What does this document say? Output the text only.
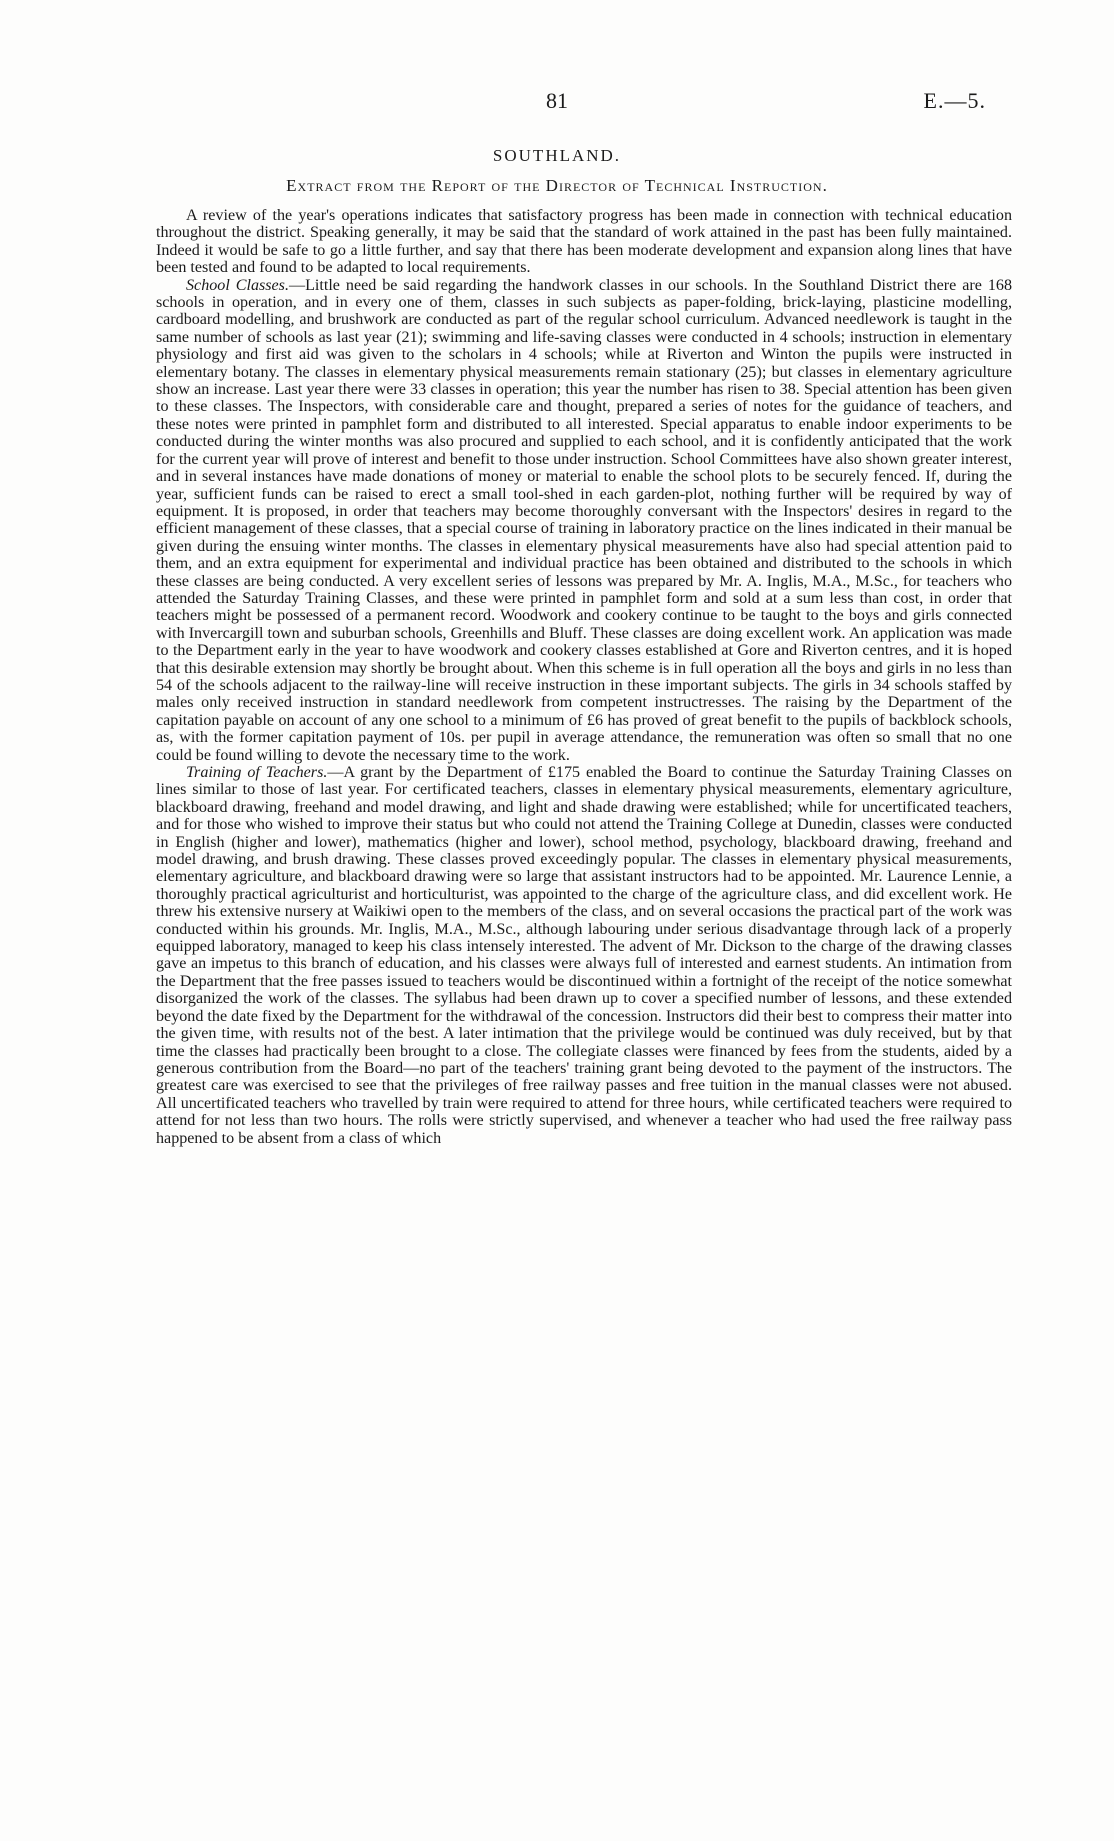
81	E.—5.
SOUTHLAND.
Extract from the Report of the Director of Technical Instruction.

A review of the year's operations indicates that satisfactory progress has been made in connection with technical education throughout the district. Speaking generally, it may be said that the standard of work attained in the past has been fully maintained. Indeed it would be safe to go a little further, and say that there has been moderate development and expansion along lines that have been tested and found to be adapted to local requirements.

School Classes.—Little need be said regarding the handwork classes in our schools. In the Southland District there are 168 schools in operation, and in every one of them, classes in such subjects as paper-folding, brick-laying, plasticine modelling, cardboard modelling, and brushwork are conducted as part of the regular school curriculum. Advanced needlework is taught in the same number of schools as last year (21); swimming and life-saving classes were conducted in 4 schools; instruction in elementary physiology and first aid was given to the scholars in 4 schools; while at Riverton and Winton the pupils were instructed in elementary botany. The classes in elementary physical measurements remain stationary (25); but classes in elementary agriculture show an increase. Last year there were 33 classes in operation; this year the number has risen to 38. Special attention has been given to these classes. The Inspectors, with considerable care and thought, prepared a series of notes for the guidance of teachers, and these notes were printed in pamphlet form and distributed to all interested. Special apparatus to enable indoor experiments to be conducted during the winter months was also procured and supplied to each school, and it is confidently anticipated that the work for the current year will prove of interest and benefit to those under instruction. School Committees have also shown greater interest, and in several instances have made donations of money or material to enable the school plots to be securely fenced. If, during the year, sufficient funds can be raised to erect a small tool-shed in each garden-plot, nothing further will be required by way of equipment. It is proposed, in order that teachers may become thoroughly conversant with the Inspectors' desires in regard to the efficient management of these classes, that a special course of training in laboratory practice on the lines indicated in their manual be given during the ensuing winter months. The classes in elementary physical measurements have also had special attention paid to them, and an extra equipment for experimental and individual practice has been obtained and distributed to the schools in which these classes are being conducted. A very excellent series of lessons was prepared by Mr. A. Inglis, M.A., M.Sc., for teachers who attended the Saturday Training Classes, and these were printed in pamphlet form and sold at a sum less than cost, in order that teachers might be possessed of a permanent record. Woodwork and cookery continue to be taught to the boys and girls connected with Invercargill town and suburban schools, Greenhills and Bluff. These classes are doing excellent work. An application was made to the Department early in the year to have woodwork and cookery classes established at Gore and Riverton centres, and it is hoped that this desirable extension may shortly be brought about. When this scheme is in full operation all the boys and girls in no less than 54 of the schools adjacent to the railway-line will receive instruction in these important subjects. The girls in 34 schools staffed by males only received instruction in standard needlework from competent instructresses. The raising by the Department of the capitation payable on account of any one school to a minimum of £6 has proved of great benefit to the pupils of backblock schools, as, with the former capitation payment of 10s. per pupil in average attendance, the remuneration was often so small that no one could be found willing to devote the necessary time to the work.

Training of Teachers.—A grant by the Department of £175 enabled the Board to continue the Saturday Training Classes on lines similar to those of last year. For certificated teachers, classes in elementary physical measurements, elementary agriculture, blackboard drawing, freehand and model drawing, and light and shade drawing were established; while for uncertificated teachers, and for those who wished to improve their status but who could not attend the Training College at Dunedin, classes were conducted in English (higher and lower), mathematics (higher and lower), school method, psychology, blackboard drawing, freehand and model drawing, and brush drawing. These classes proved exceedingly popular. The classes in elementary physical measurements, elementary agriculture, and blackboard drawing were so large that assistant instructors had to be appointed. Mr. Laurence Lennie, a thoroughly practical agriculturist and horticulturist, was appointed to the charge of the agriculture class, and did excellent work. He threw his extensive nursery at Waikiwi open to the members of the class, and on several occasions the practical part of the work was conducted within his grounds. Mr. Inglis, M.A., M.Sc., although labouring under serious disadvantage through lack of a properly equipped laboratory, managed to keep his class intensely interested. The advent of Mr. Dickson to the charge of the drawing classes gave an impetus to this branch of education, and his classes were always full of interested and earnest students. An intimation from the Department that the free passes issued to teachers would be discontinued within a fortnight of the receipt of the notice somewhat disorganized the work of the classes. The syllabus had been drawn up to cover a specified number of lessons, and these extended beyond the date fixed by the Department for the withdrawal of the concession. Instructors did their best to compress their matter into the given time, with results not of the best. A later intimation that the privilege would be continued was duly received, but by that time the classes had practically been brought to a close. The collegiate classes were financed by fees from the students, aided by a generous contribution from the Board—no part of the teachers' training grant being devoted to the payment of the instructors. The greatest care was exercised to see that the privileges of free railway passes and free tuition in the manual classes were not abused. All uncertificated teachers who travelled by train were required to attend for three hours, while certificated teachers were required to attend for not less than two hours. The rolls were strictly supervised, and whenever a teacher who had used the free railway pass happened to be absent from a class of which
